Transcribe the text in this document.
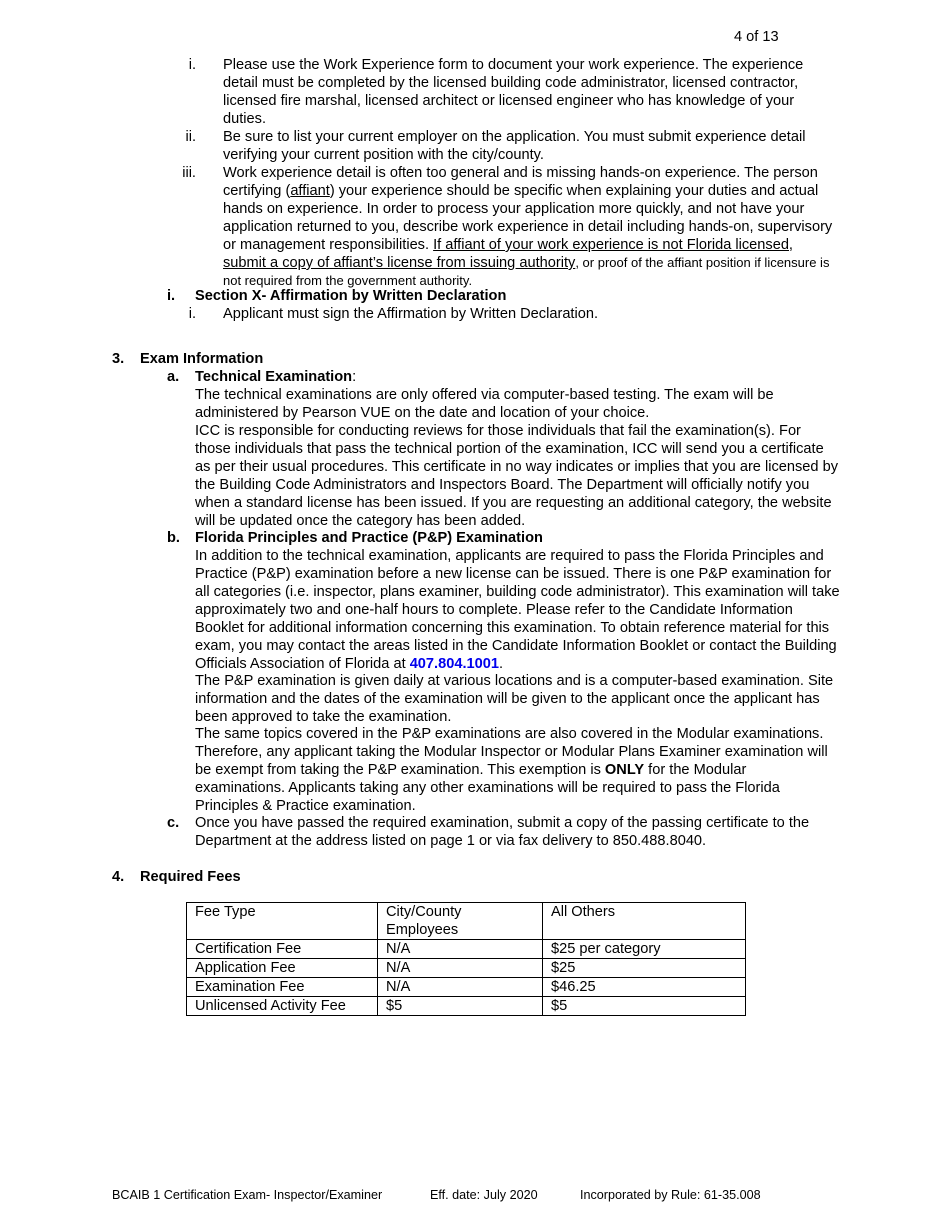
4 of 13
i. Please use the Work Experience form to document your work experience. The experience detail must be completed by the licensed building code administrator, licensed contractor, licensed fire marshal, licensed architect or licensed engineer who has knowledge of your duties.
ii. Be sure to list your current employer on the application. You must submit experience detail verifying your current position with the city/county.
iii. Work experience detail is often too general and is missing hands-on experience. The person certifying (affiant) your experience should be specific when explaining your duties and actual hands on experience. In order to process your application more quickly, and not have your application returned to you, describe work experience in detail including hands-on, supervisory or management responsibilities. If affiant of your work experience is not Florida licensed, submit a copy of affiant’s license from issuing authority, or proof of the affiant position if licensure is not required from the government authority.
i. Section X- Affirmation by Written Declaration
i. Applicant must sign the Affirmation by Written Declaration.
3. Exam Information
a. Technical Examination:
The technical examinations are only offered via computer-based testing. The exam will be administered by Pearson VUE on the date and location of your choice.
ICC is responsible for conducting reviews for those individuals that fail the examination(s). For those individuals that pass the technical portion of the examination, ICC will send you a certificate as per their usual procedures. This certificate in no way indicates or implies that you are licensed by the Building Code Administrators and Inspectors Board. The Department will officially notify you when a standard license has been issued. If you are requesting an additional category, the website will be updated once the category has been added.
b. Florida Principles and Practice (P&P) Examination
In addition to the technical examination, applicants are required to pass the Florida Principles and Practice (P&P) examination before a new license can be issued. There is one P&P examination for all categories (i.e. inspector, plans examiner, building code administrator). This examination will take approximately two and one-half hours to complete. Please refer to the Candidate Information Booklet for additional information concerning this examination. To obtain reference material for this exam, you may contact the areas listed in the Candidate Information Booklet or contact the Building Officials Association of Florida at 407.804.1001.
The P&P examination is given daily at various locations and is a computer-based examination. Site information and the dates of the examination will be given to the applicant once the applicant has been approved to take the examination.
The same topics covered in the P&P examinations are also covered in the Modular examinations. Therefore, any applicant taking the Modular Inspector or Modular Plans Examiner examination will be exempt from taking the P&P examination. This exemption is ONLY for the Modular examinations. Applicants taking any other examinations will be required to pass the Florida Principles & Practice examination.
c. Once you have passed the required examination, submit a copy of the passing certificate to the Department at the address listed on page 1 or via fax delivery to 850.488.8040.
4. Required Fees
Fee Type	City/County Employees	All Others
Certification Fee	N/A	$25 per category
Application Fee	N/A	$25
Examination Fee	N/A	$46.25
Unlicensed Activity Fee	$5	$5
BCAIB 1 Certification Exam- Inspector/Examiner	Eff. date: July 2020	Incorporated by Rule: 61-35.008
